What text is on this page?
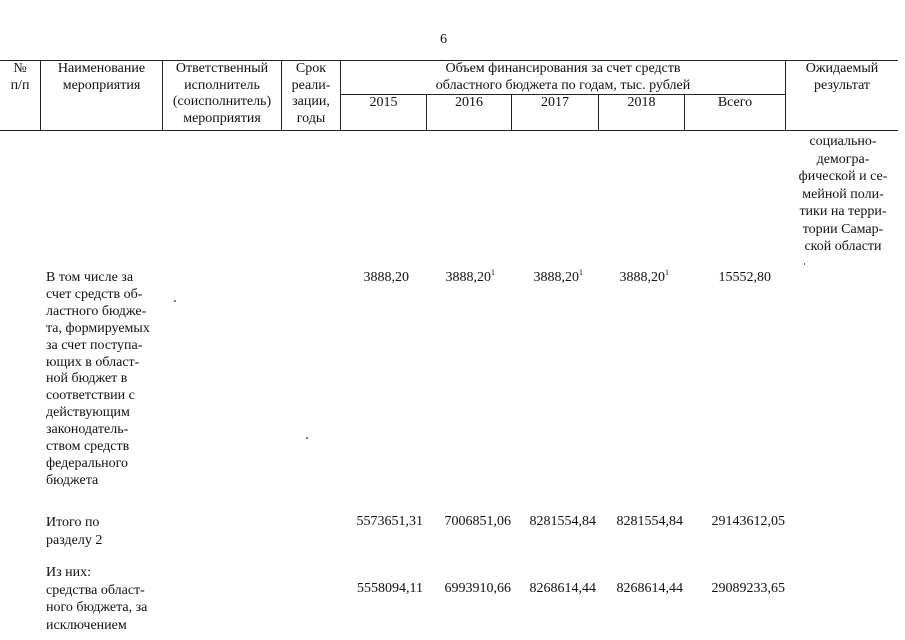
6
№
п/п
Наименование
мероприятия
Ответственный
исполнитель
(соисполнитель)
мероприятия
Срок
реали-
зации,
годы
Объем финансирования за счет средств
областного бюджета по годам, тыс. рублей
2015	2016	2017	2018	Всего
Ожидаемый
результат
социально-
демогра-
фической и се-
мейной поли-
тики на терри-
тории Самар-
ской области
В том числе за
счет средств об-
ластного бюдже-
та, формируемых
за счет поступа-
ющих в област-
ной бюджет в
соответствии с
действующим
законодатель-
ством средств
федерального
бюджета
3888,20	3888,20$^1$	3888,20$^1$	3888,20$^1$	15552,80
Итого по
разделу 2
5573651,31	7006851,06	8281554,84	8281554,84	29143612,05
Из них:
средства област-
ного бюджета, за
исключением
5558094,11	6993910,66	8268614,44	8268614,44	29089233,65
